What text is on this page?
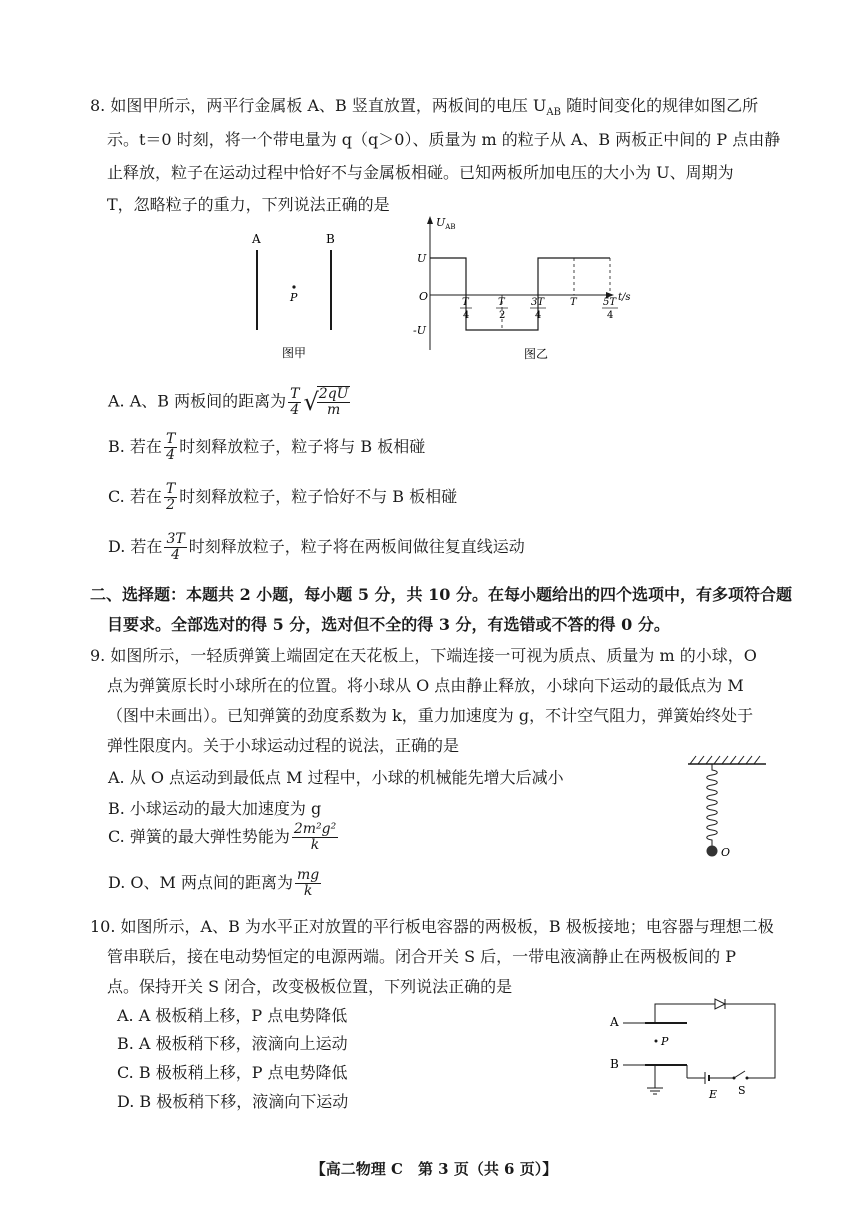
8. 如图甲所示，两平行金属板 A、B 竖直放置，两板间的电压 $U_{AB}$ 随时间变化的规律如图乙所
示。t＝0 时刻，将一个带电量为 q（q＞0）、质量为 m 的粒子从 A、B 两板正中间的 P 点由静
止释放，粒子在运动过程中恰好不与金属板相碰。已知两板所加电压的大小为 U、周期为
T，忽略粒子的重力，下列说法正确的是
A	B
P
图甲
$U_{AB}$
O
U
-U
t/s
T
4
T
2
3T
4
T	5T
4
图乙
A. A、B 两板间的距离为 $\frac{T}{4}$ √
$\frac{2qU}{m}$
B. 若在 $\frac{T}{4}$ 时刻释放粒子，粒子将与 B 板相碰
C. 若在 $\frac{T}{2}$ 时刻释放粒子，粒子恰好不与 B 板相碰
D. 若在 $\frac{3T}{4}$ 时刻释放粒子，粒子将在两板间做往复直线运动
二、选择题：本题共 2 小题，每小题 5 分，共 10 分。在每小题给出的四个选项中，有多项符合题
目要求。全部选对的得 5 分，选对但不全的得 3 分，有选错或不答的得 0 分。
9. 如图所示，一轻质弹簧上端固定在天花板上，下端连接一可视为质点、质量为 m 的小球，O
点为弹簧原长时小球所在的位置。将小球从 O 点由静止释放，小球向下运动的最低点为 M
（图中未画出）。已知弹簧的劲度系数为 k，重力加速度为 g，不计空气阻力，弹簧始终处于
弹性限度内。关于小球运动过程的说法，正确的是
A. 从 O 点运动到最低点 M 过程中，小球的机械能先增大后减小
B. 小球运动的最大加速度为 g
C. 弹簧的最大弹性势能为 $\frac{\text{2m²g²}}{k}$
D. O、M 两点间的距离为 $\frac{mg}{k}$
O
10. 如图所示，A、B 为水平正对放置的平行板电容器的两极板，B 极板接地；电容器与理想二极
管串联后，接在电动势恒定的电源两端。闭合开关 S 后，一带电液滴静止在两极板间的 P
点。保持开关 S 闭合，改变极板位置，下列说法正确的是
A. A 极板稍上移，P 点电势降低
B. A 极板稍下移，液滴向上运动
C. B 极板稍上移，P 点电势降低
D. B 极板稍下移，液滴向下运动
A
B
P
E S
【高二物理 C　第 3 页（共 6 页）】
